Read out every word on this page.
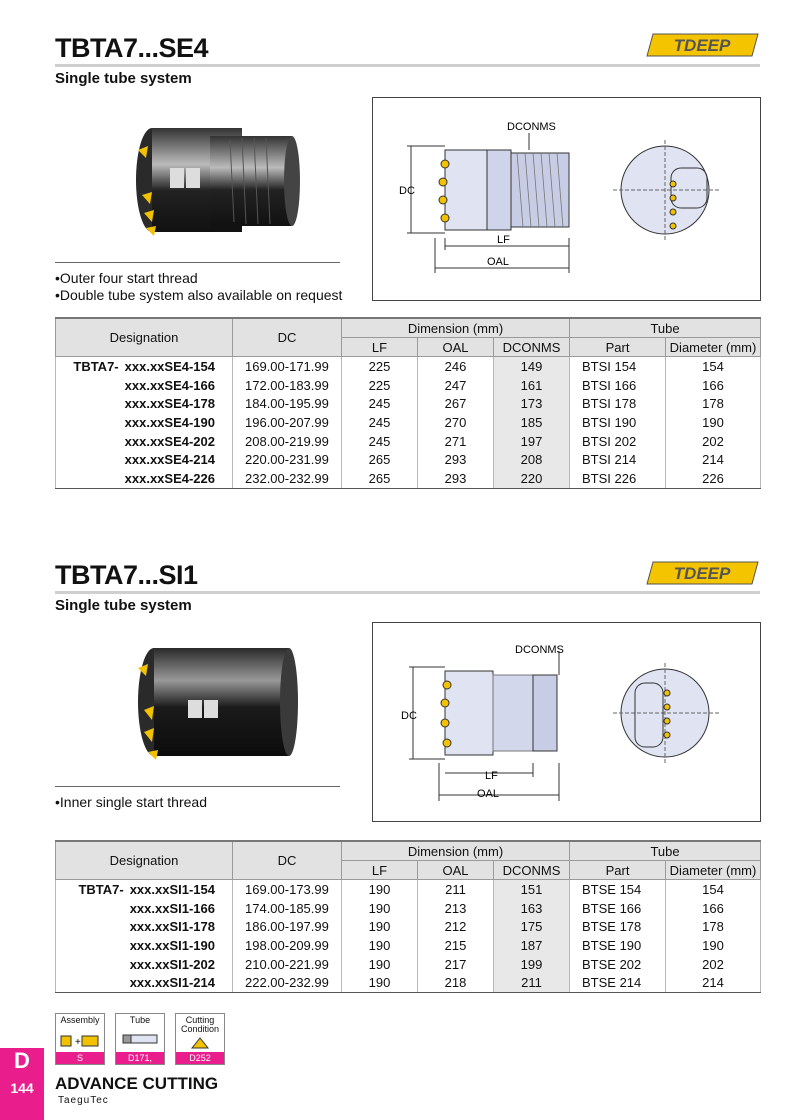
TBTA7...SE4	TDEEP
Single tube system
• Outer four start thread
• Double tube system also available on request
DCONMS
DC
LF
OAL
Designation	DC	Dimension (mm)			Tube	
		LF	OAL	DCONMS	Part	Diameter (mm)
TBTA7- xxx.xxSE4-154	169.00-171.99	225	246	149	BTSI 154	154
xxx.xxSE4-166	172.00-183.99	225	247	161	BTSI 166	166
xxx.xxSE4-178	184.00-195.99	245	267	173	BTSI 178	178
xxx.xxSE4-190	196.00-207.99	245	270	185	BTSI 190	190
xxx.xxSE4-202	208.00-219.99	245	271	197	BTSI 202	202
xxx.xxSE4-214	220.00-231.99	265	293	208	BTSI 214	214
xxx.xxSE4-226	232.00-232.99	265	293	220	BTSI 226	226
TBTA7...SI1	TDEEP
Single tube system
• Inner single start thread
DCONMS
DC
LF
OAL
Designation	DC	Dimension (mm)			Tube	
		LF	OAL	DCONMS	Part	Diameter (mm)
TBTA7- xxx.xxSI1-154	169.00-173.99	190	211	151	BTSE 154	154
xxx.xxSI1-166	174.00-185.99	190	213	163	BTSE 166	166
xxx.xxSI1-178	186.00-197.99	190	212	175	BTSE 178	178
xxx.xxSI1-190	198.00-209.99	190	215	187	BTSE 190	190
xxx.xxSI1-202	210.00-221.99	190	217	199	BTSE 202	202
xxx.xxSI1-214	222.00-232.99	190	218	211	BTSE 214	214
Assembly
+
S
Tube
D171, D173
Cutting Condition
D252
D
144	ADVANCE CUTTING
TaeguTec
